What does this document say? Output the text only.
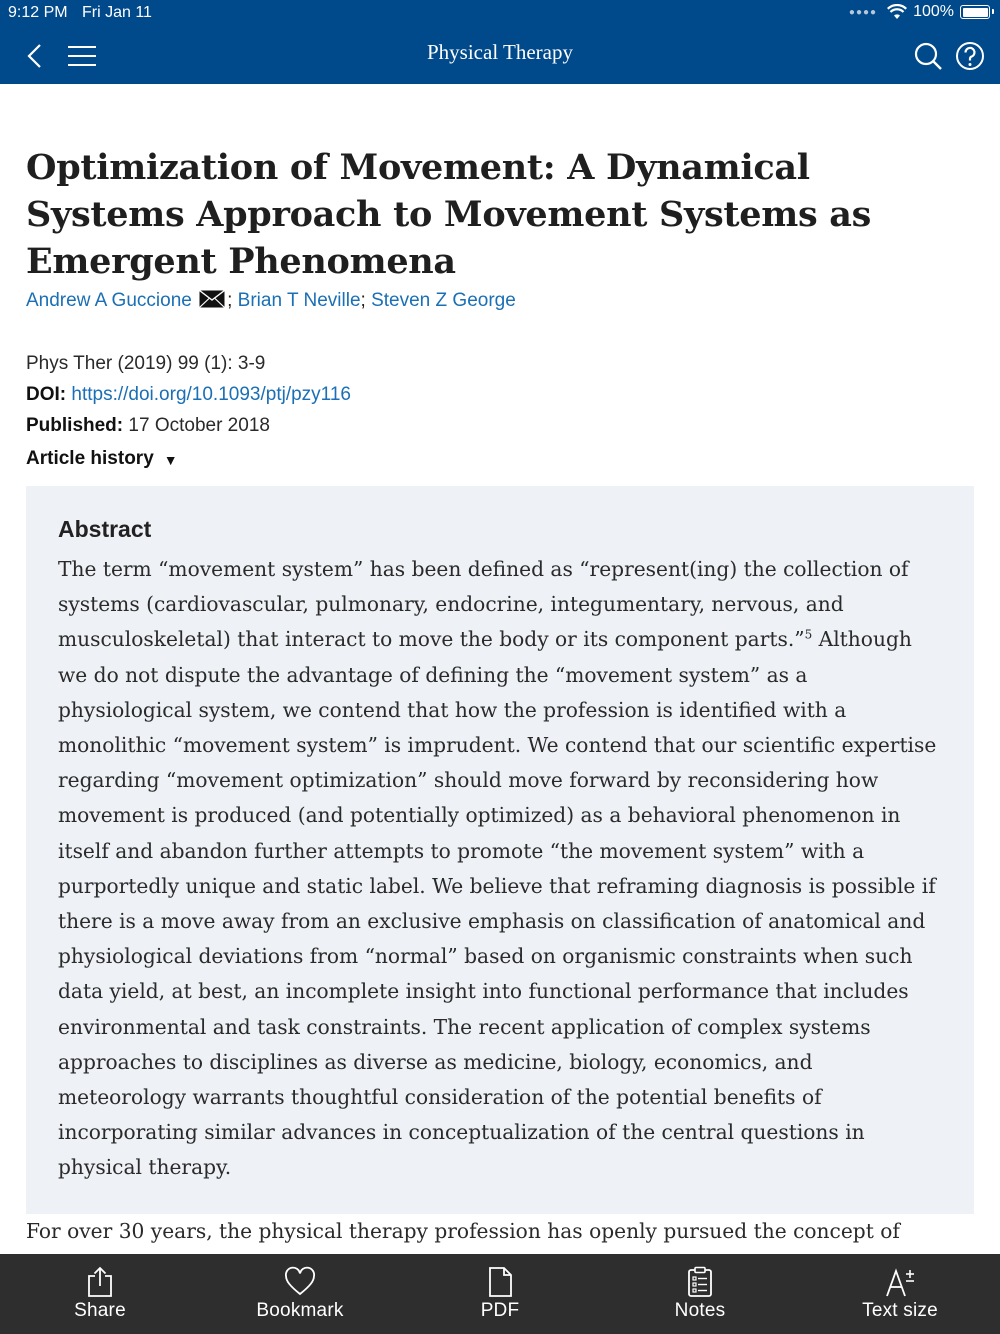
9:12 PM Fri Jan 11	●●●● 100%
Physical Therapy
Optimization of Movement: A Dynamical Systems Approach to Movement Systems as Emergent Phenomena
Andrew A Guccione ; Brian T Neville; Steven Z George
Phys Ther (2019) 99 (1): 3-9
DOI: https://doi.org/10.1093/ptj/pzy116
Published: 17 October 2018
Article history ▼
Abstract

The term “movement system” has been defined as “represent(ing) the collection of systems (cardiovascular, pulmonary, endocrine, integumentary, nervous, and musculoskeletal) that interact to move the body or its component parts.”$^5$ Although we do not dispute the advantage of defining the “movement system” as a physiological system, we contend that how the profession is identified with a monolithic “movement system” is imprudent. We contend that our scientific expertise regarding “movement optimization” should move forward by reconsidering how movement is produced (and potentially optimized) as a behavioral phenomenon in itself and abandon further attempts to promote “the movement system” with a purportedly unique and static label. We believe that reframing diagnosis is possible if there is a move away from an exclusive emphasis on classification of anatomical and physiological deviations from “normal” based on organismic constraints when such data yield, at best, an incomplete insight into functional performance that includes environmental and task constraints. The recent application of complex systems approaches to disciplines as diverse as medicine, biology, economics, and meteorology warrants thoughtful consideration of the potential benefits of incorporating similar advances in conceptualization of the central questions in physical therapy.

For over 30 years, the physical therapy profession has openly pursued the concept of

Share	Bookmark	PDF	Notes	Text size
